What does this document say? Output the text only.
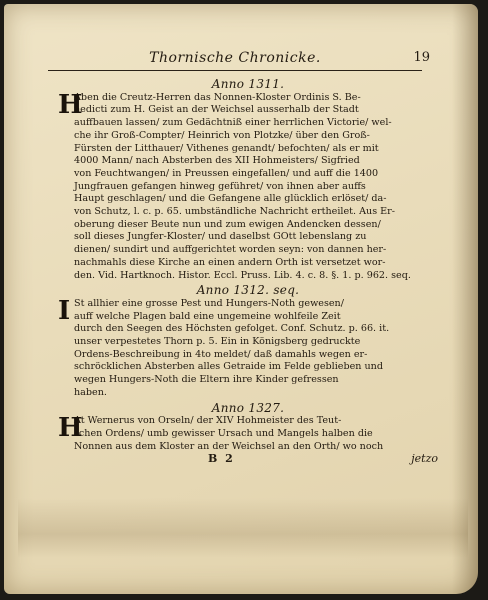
Thornische Chronicke.	19
Anno 1311.
H
Aben die Creutz-Herren das Nonnen-Kloster Ordinis S. Be-
nedicti zum H. Geist an der Weichsel ausserhalb der Stadt
auffbauen lassen/ zum Gedächtniß einer herrlichen Victorie/ wel-
che ihr Groß-Compter/ Heinrich von Plotzke/ über den Groß-
Fürsten der Litthauer/ Vithenes genandt/ befochten/ als er mit
4000 Mann/ nach Absterben des XII Hohmeisters/ Sigfried
von Feuchtwangen/ in Preussen eingefallen/ und auff die 1400
Jungfrauen gefangen hinweg geführet/ von ihnen aber auffs
Haupt geschlagen/ und die Gefangene alle glücklich erlöset/ da-
von Schutz, l. c. p. 65. umbständliche Nachricht ertheilet. Aus Er-
oberung dieser Beute nun und zum ewigen Andencken dessen/
soll dieses Jungfer-Kloster/ und daselbst GOtt lebenslang zu
dienen/ sundirt und auffgerichtet worden seyn: von dannen her-
nachmahls diese Kirche an einen andern Orth ist versetzet wor-
den. Vid. Hartknoch. Histor. Eccl. Pruss. Lib. 4. c. 8. §. 1. p. 962. seq.
Anno 1312. seq.
I St allhier eine grosse Pest und Hungers-Noth gewesen/
auff welche Plagen bald eine ungemeine wohlfeile Zeit
durch den Seegen des Höchsten gefolget. Conf. Schutz. p. 66. it.
unser verpestetes Thorn p. 5. Ein in Königsberg gedruckte
Ordens-Beschreibung in 4to meldet/ daß damahls wegen er-
schröcklichen Absterben alles Getraide im Felde geblieben und
wegen Hungers-Noth die Eltern ihre Kinder gefressen
haben.
Anno 1327.
H
At Wernerus von Orseln/ der XIV Hohmeister des Teut-
schen Ordens/ umb gewisser Ursach und Mangels halben die
Nonnen aus dem Kloster an der Weichsel an den Orth/ wo noch
B 2	jetzo
